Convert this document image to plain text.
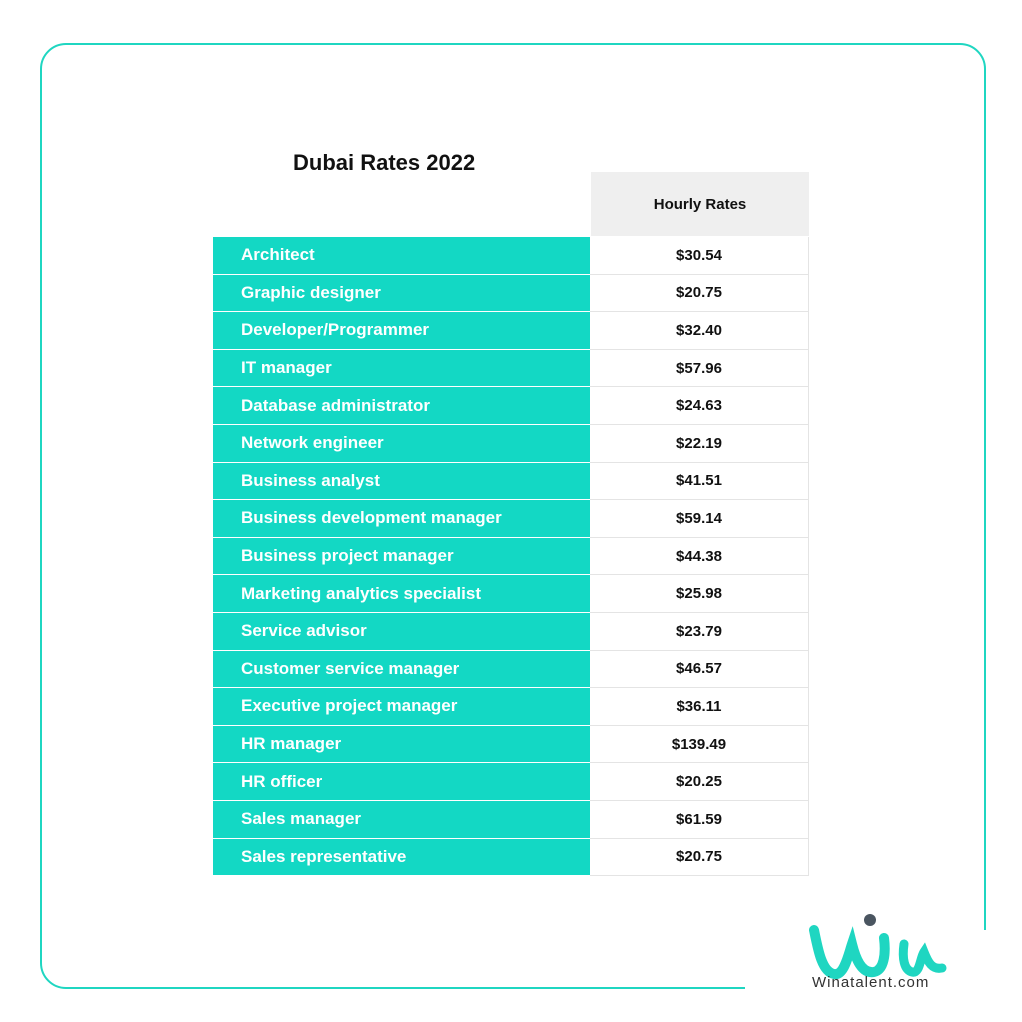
Dubai Rates 2022
Hourly Rates
Architect	$30.54
Graphic designer	$20.75
Developer/Programmer	$32.40
IT manager	$57.96
Database administrator	$24.63
Network engineer	$22.19
Business analyst	$41.51
Business development manager	$59.14
Business project manager	$44.38
Marketing analytics specialist	$25.98
Service advisor	$23.79
Customer service manager	$46.57
Executive project manager	$36.11
HR manager	$139.49
HR officer	$20.25
Sales manager	$61.59
Sales representative	$20.75
Winatalent.com
